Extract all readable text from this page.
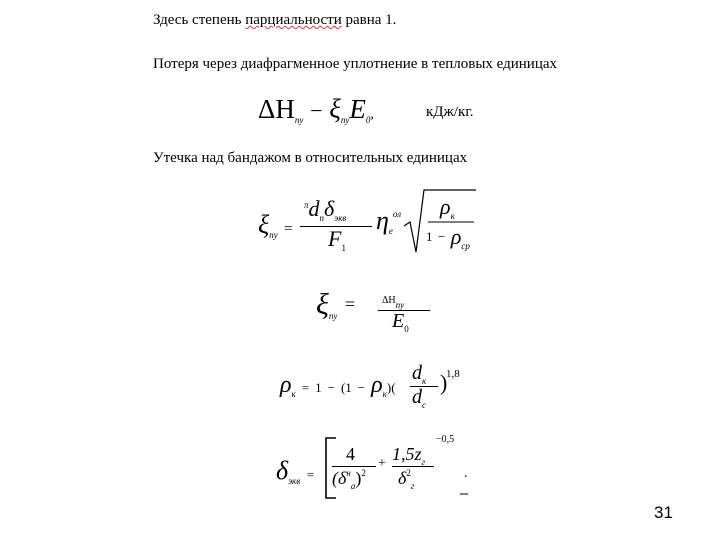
Здесь степень парциальности равна 1.
Потеря через диафрагменное уплотнение в тепловых единицах
$\Delta H_{пу} - \xi_{пу}E_0$,	кДж/кг.
Утечка над бандажом в относительных единицах
$\xi_{пу}$ =
$^\pi d_п\delta_{экв}$
$F_1$
$\eta_е^{ол}$ $\rho_к$
$1 - \rho_{ср}$
$\xi_{пу}$ =	$\Delta H_{пу}$
$E_0$
$\rho_к = 1 - (1 - \rho_к)$(
$d_к$
$d_с$
)
1,8
$\delta_{экв}$ =
4
$(\delta^н_а)^2$
+ $1,5z_г$
$\delta^2_г$
−0,5
.
31
